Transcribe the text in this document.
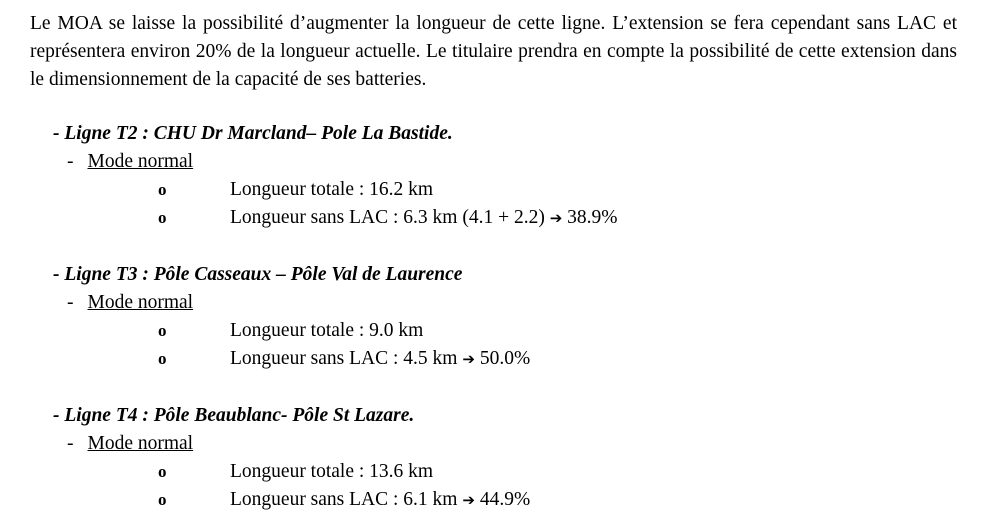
Le MOA se laisse la possibilité d’augmenter la longueur de cette ligne. L’extension se fera cependant sans LAC et représentera environ 20% de la longueur actuelle. Le titulaire prendra en compte la possibilité de cette extension dans le dimensionnement de la capacité de ses batteries.

- Ligne T2 : CHU Dr Marcland– Pole La Bastide.
- Mode normal
o	Longueur totale : 16.2 km
o	Longueur sans LAC : 6.3 km (4.1 + 2.2) ➔ 38.9%
- Ligne T3 : Pôle Casseaux – Pôle Val de Laurence
- Mode normal
o	Longueur totale : 9.0 km
o	Longueur sans LAC : 4.5 km ➔ 50.0%
- Ligne T4 : Pôle Beaublanc- Pôle St Lazare.
- Mode normal
o	Longueur totale : 13.6 km
o	Longueur sans LAC : 6.1 km ➔ 44.9%
